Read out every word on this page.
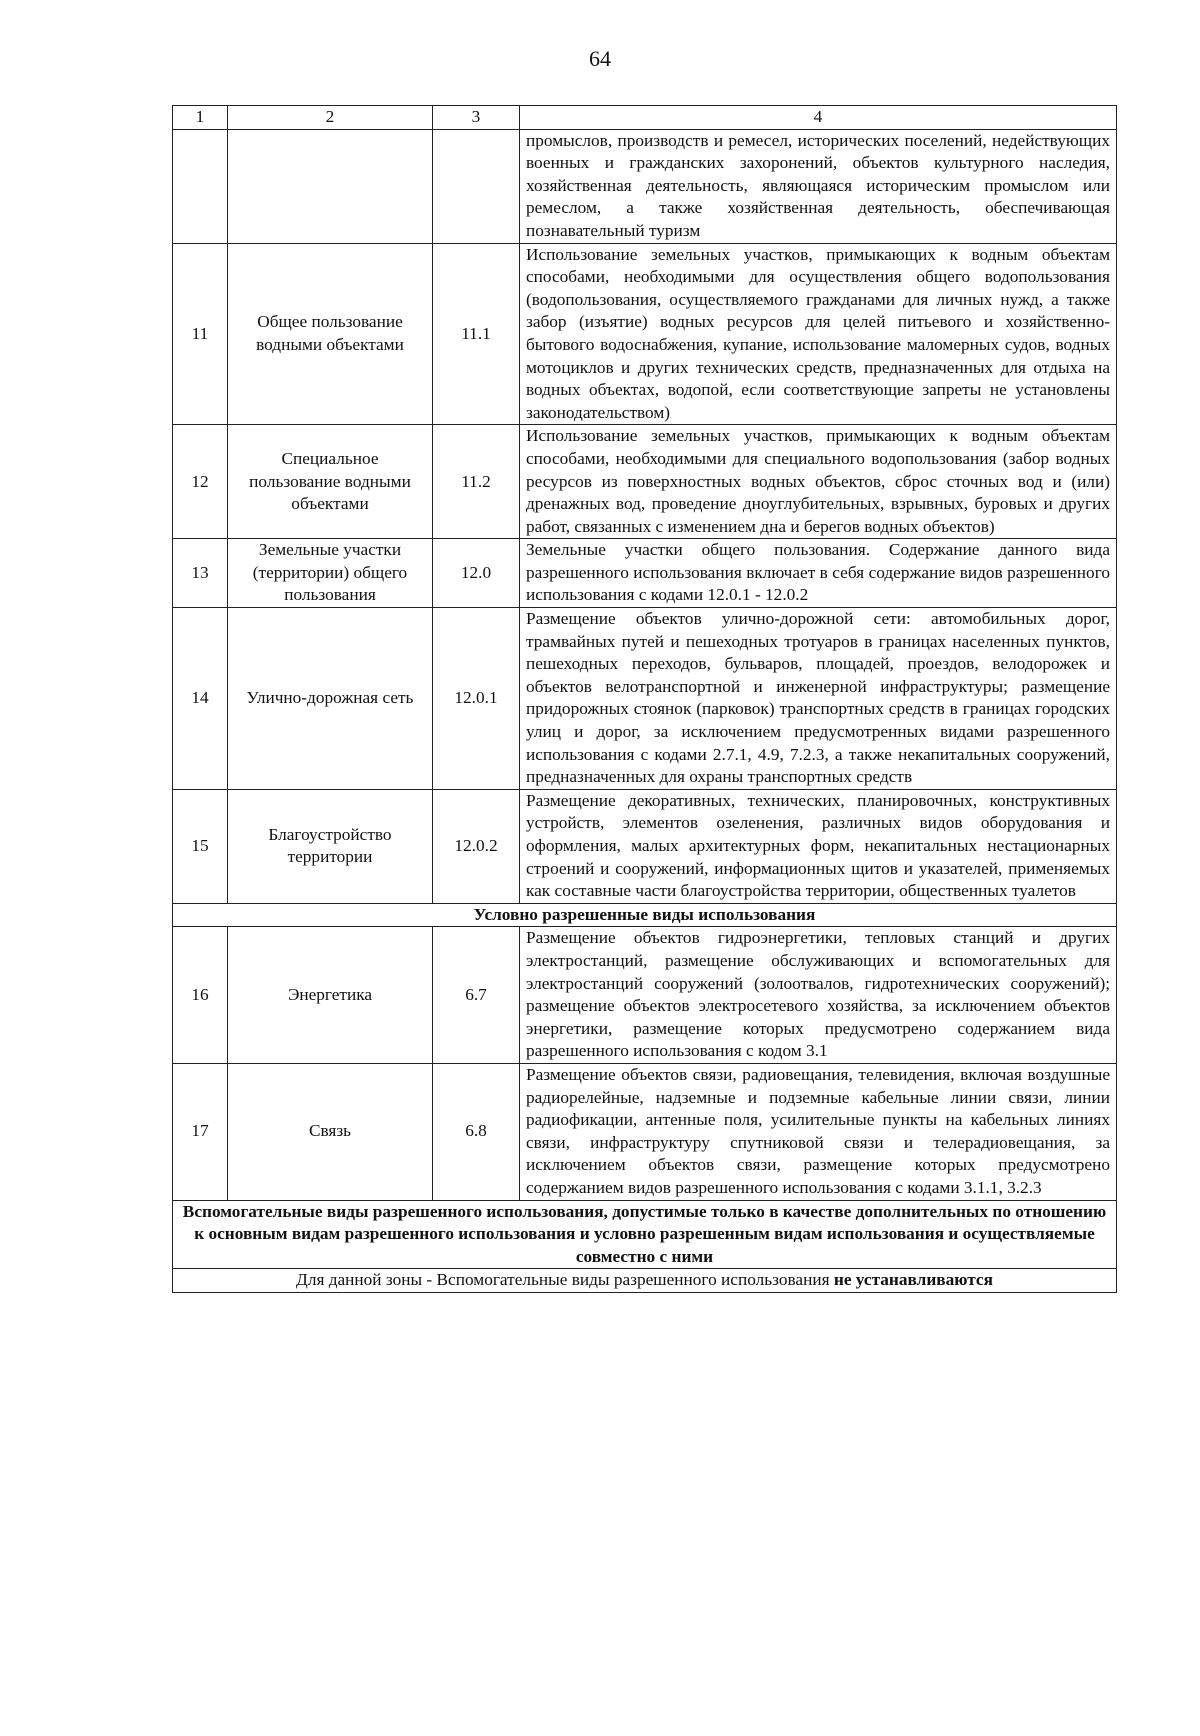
64
1	2	3	4
			промыслов, производств и ремесел, исторических поселений, недействующих военных и гражданских захоронений, объектов культурного наследия, хозяйственная деятельность, являющаяся историческим промыслом или ремеслом, а также хозяйственная деятельность, обеспечивающая познавательный туризм
11	Общее пользование водными объектами	11.1	Использование земельных участков, примыкающих к водным объектам способами, необходимыми для осуществления общего водопользования (водопользования, осуществляемого гражданами для личных нужд, а также забор (изъятие) водных ресурсов для целей питьевого и хозяйственно-бытового водоснабжения, купание, использование маломерных судов, водных мотоциклов и других технических средств, предназначенных для отдыха на водных объектах, водопой, если соответствующие запреты не установлены законодательством)
12	Специальное пользование водными объектами	11.2	Использование земельных участков, примыкающих к водным объектам способами, необходимыми для специального водопользования (забор водных ресурсов из поверхностных водных объектов, сброс сточных вод и (или) дренажных вод, проведение дноуглубительных, взрывных, буровых и других работ, связанных с изменением дна и берегов водных объектов)
13	Земельные участки (территории) общего пользования	12.0	Земельные участки общего пользования. Содержание данного вида разрешенного использования включает в себя содержание видов разрешенного использования с кодами 12.0.1 - 12.0.2
14	Улично-дорожная сеть	12.0.1	Размещение объектов улично-дорожной сети: автомобильных дорог, трамвайных путей и пешеходных тротуаров в границах населенных пунктов, пешеходных переходов, бульваров, площадей, проездов, велодорожек и объектов велотранспортной и инженерной инфраструктуры; размещение придорожных стоянок (парковок) транспортных средств в границах городских улиц и дорог, за исключением предусмотренных видами разрешенного использования с кодами 2.7.1, 4.9, 7.2.3, а также некапитальных сооружений, предназначенных для охраны транспортных средств
15	Благоустройство территории	12.0.2	Размещение декоративных, технических, планировочных, конструктивных устройств, элементов озеленения, различных видов оборудования и оформления, малых архитектурных форм, некапитальных нестационарных строений и сооружений, информационных щитов и указателей, применяемых как составные части благоустройства территории, общественных туалетов
Условно разрешенные виды использования			
16	Энергетика	6.7	Размещение объектов гидроэнергетики, тепловых станций и других электростанций, размещение обслуживающих и вспомогательных для электростанций сооружений (золоотвалов, гидротехнических сооружений); размещение объектов электросетевого хозяйства, за исключением объектов энергетики, размещение которых предусмотрено содержанием вида разрешенного использования с кодом 3.1
17	Связь	6.8	Размещение объектов связи, радиовещания, телевидения, включая воздушные радиорелейные, надземные и подземные кабельные линии связи, линии радиофикации, антенные поля, усилительные пункты на кабельных линиях связи, инфраструктуру спутниковой связи и телерадиовещания, за исключением объектов связи, размещение которых предусмотрено содержанием видов разрешенного использования с кодами 3.1.1, 3.2.3
Вспомогательные виды разрешенного использования, допустимые только в качестве дополнительных по отношению к основным видам разрешенного использования и условно разрешенным видам использования и осуществляемые совместно с ними			
Для данной зоны - Вспомогательные виды разрешенного использования не устанавливаются			
